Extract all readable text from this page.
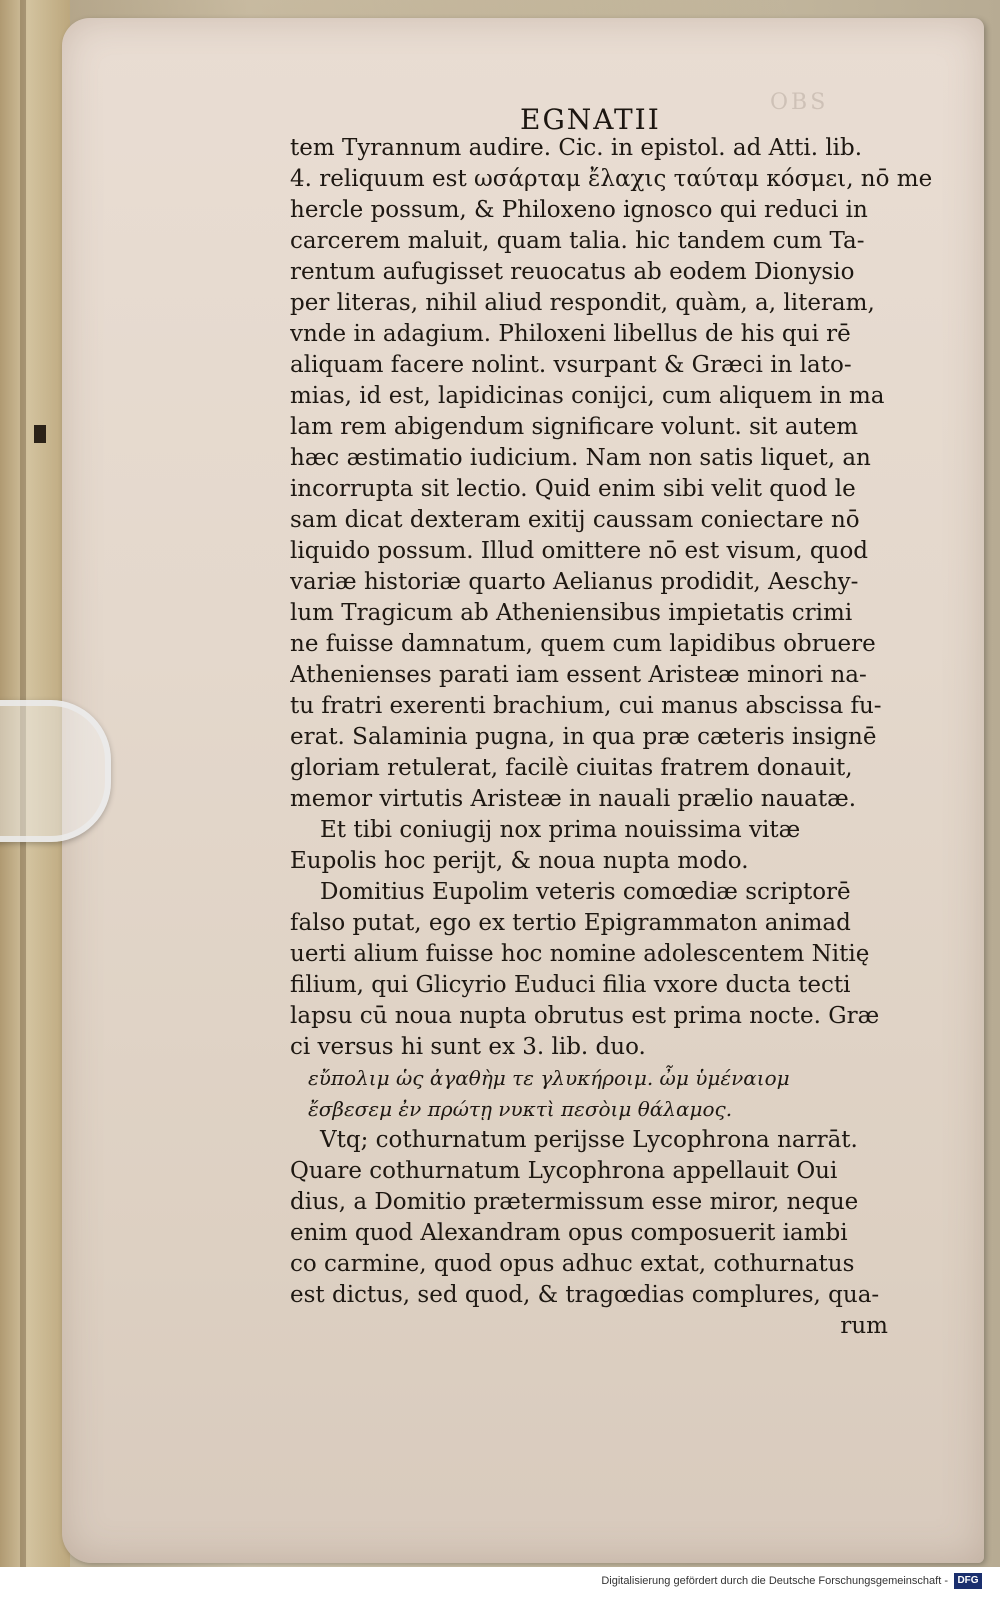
OBS
EGNATII
tem Tyrannum audire. Cic. in epistol. ad Atti. lib.
4. reliquum est ωσάρταμ ἔλαχις ταύταμ κόσμει, nō me
hercle possum, & Philoxeno ignosco qui reduci in
carcerem maluit, quam talia. hic tandem cum Ta-
rentum aufugisset reuocatus ab eodem Dionysio
per literas, nihil aliud respondit, quàm, a, literam,
vnde in adagium. Philoxeni libellus de his qui rē
aliquam facere nolint. vsurpant & Græci in lato-
mias, id est, lapidicinas conijci, cum aliquem in ma
lam rem abigendum significare volunt. sit autem
hæc æstimatio iudicium. Nam non satis liquet, an
incorrupta sit lectio. Quid enim sibi velit quod le
sam dicat dexteram exitij caussam coniectare nō
liquido possum. Illud omittere nō est visum, quod
variæ historiæ quarto Aelianus prodidit, Aeschy-
lum Tragicum ab Atheniensibus impietatis crimi
ne fuisse damnatum, quem cum lapidibus obruere
Athenienses parati iam essent Aristeæ minori na-
tu fratri exerenti brachium, cui manus abscissa fu-
erat. Salaminia pugna, in qua præ cæteris insignē
gloriam retulerat, facilè ciuitas fratrem donauit,
memor virtutis Aristeæ in nauali prælio nauatæ.
Et tibi coniugij nox prima nouissima vitæ
Eupolis hoc perijt, & noua nupta modo.
Domitius Eupolim veteris comœdiæ scriptorē
falso putat, ego ex tertio Epigrammaton animad
uerti alium fuisse hoc nomine adolescentem Nitię
filium, qui Glicyrio Euduci filia vxore ducta tecti
lapsu cū noua nupta obrutus est prima nocte. Græ
ci versus hi sunt ex 3. lib. duo.
εὔπολιμ ὡς ἀγαθὴμ τε γλυκήροιμ. ὦμ ὑμέναιομ
ἔσβεσεμ ἐν πρώτῃ νυκτὶ πεσὸιμ θάλαμος.
Vtq; cothurnatum perijsse Lycophrona narrāt.
Quare cothurnatum Lycophrona appellauit Oui
dius, a Domitio prætermissum esse miror, neque
enim quod Alexandram opus composuerit iambi
co carmine, quod opus adhuc extat, cothurnatus
est dictus, sed quod, & tragœdias complures, qua-
rum
Digitalisierung gefördert durch die Deutsche Forschungsgemeinschaft - DFG
